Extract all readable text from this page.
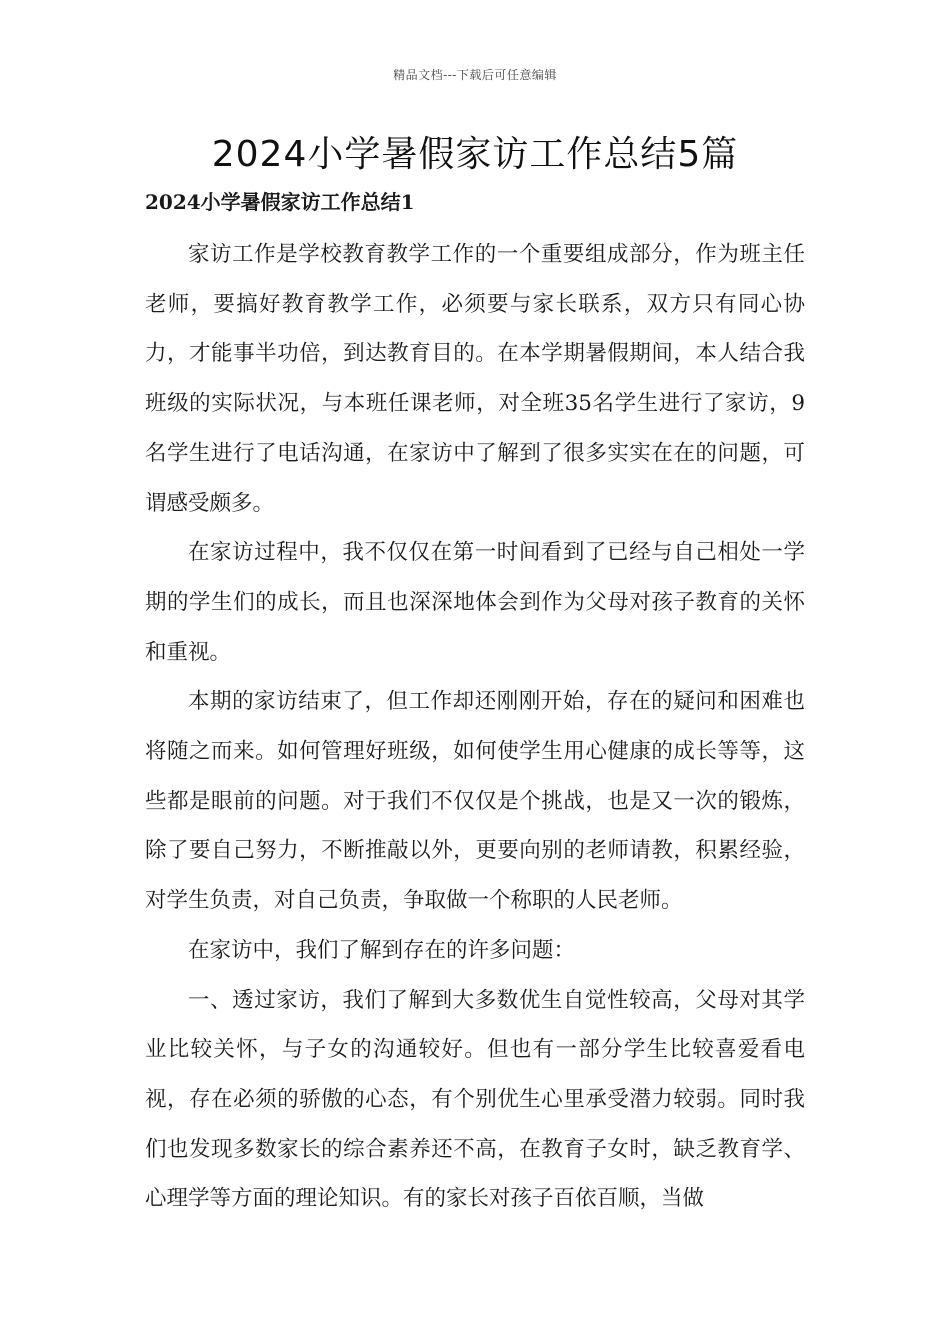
精品文档---下载后可任意编辑
2024小学暑假家访工作总结5篇
2024小学暑假家访工作总结1

家访工作是学校教育教学工作的一个重要组成部分，作为班主任老师，要搞好教育教学工作，必须要与家长联系，双方只有同心协力，才能事半功倍，到达教育目的。在本学期暑假期间，本人结合我班级的实际状况，与本班任课老师，对全班35名学生进行了家访，9名学生进行了电话沟通，在家访中了解到了很多实实在在的问题，可谓感受颇多。

在家访过程中，我不仅仅在第一时间看到了已经与自己相处一学期的学生们的成长，而且也深深地体会到作为父母对孩子教育的关怀和重视。

本期的家访结束了，但工作却还刚刚开始，存在的疑问和困难也将随之而来。如何管理好班级，如何使学生用心健康的成长等等，这些都是眼前的问题。对于我们不仅仅是个挑战，也是又一次的锻炼，除了要自己努力，不断推敲以外，更要向别的老师请教，积累经验，对学生负责，对自己负责，争取做一个称职的人民老师。

在家访中，我们了解到存在的许多问题：

一、透过家访，我们了解到大多数优生自觉性较高，父母对其学业比较关怀，与子女的沟通较好。但也有一部分学生比较喜爱看电视，存在必须的骄傲的心态，有个别优生心里承受潜力较弱。同时我们也发现多数家长的综合素养还不高，在教育子女时，缺乏教育学、心理学等方面的理论知识。有的家长对孩子百依百顺，当做
